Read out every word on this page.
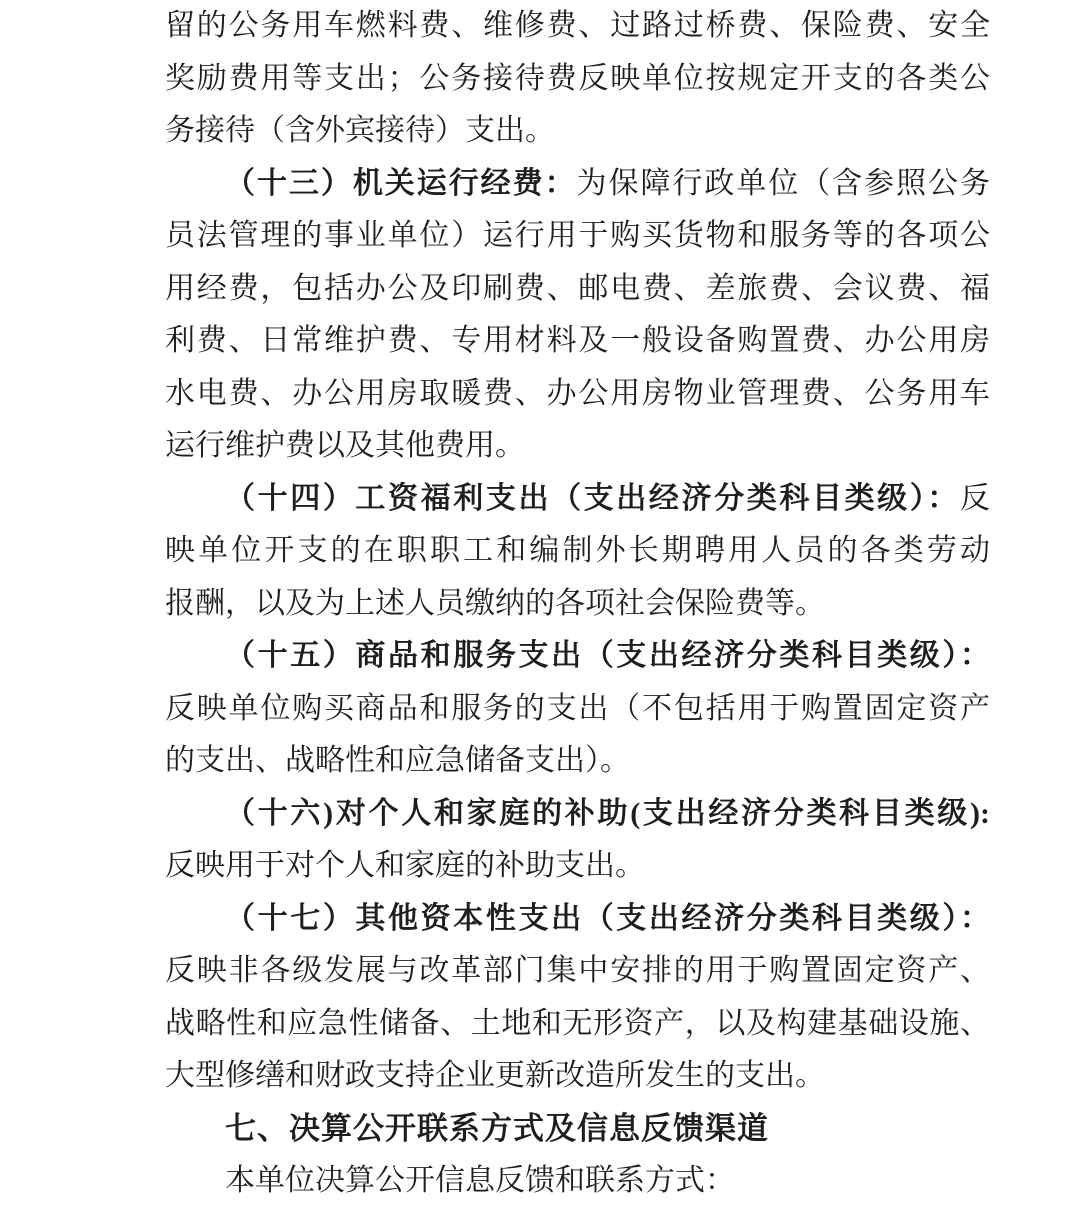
留的公务用车燃料费、维修费、过路过桥费、保险费、安全
奖励费用等支出；公务接待费反映单位按规定开支的各类公
务接待（含外宾接待）支出。
（十三）机关运行经费：为保障行政单位（含参照公务
员法管理的事业单位）运行用于购买货物和服务等的各项公
用经费，包括办公及印刷费、邮电费、差旅费、会议费、福
利费、日常维护费、专用材料及一般设备购置费、办公用房
水电费、办公用房取暖费、办公用房物业管理费、公务用车
运行维护费以及其他费用。
（十四）工资福利支出（支出经济分类科目类级）：反
映单位开支的在职职工和编制外长期聘用人员的各类劳动
报酬，以及为上述人员缴纳的各项社会保险费等。
（十五）商品和服务支出（支出经济分类科目类级）：
反映单位购买商品和服务的支出（不包括用于购置固定资产
的支出、战略性和应急储备支出）。
（十六)对个人和家庭的补助(支出经济分类科目类级):
反映用于对个人和家庭的补助支出。
（十七）其他资本性支出（支出经济分类科目类级）：
反映非各级发展与改革部门集中安排的用于购置固定资产、
战略性和应急性储备、土地和无形资产，以及构建基础设施、
大型修缮和财政支持企业更新改造所发生的支出。
七、决算公开联系方式及信息反馈渠道
本单位决算公开信息反馈和联系方式：
